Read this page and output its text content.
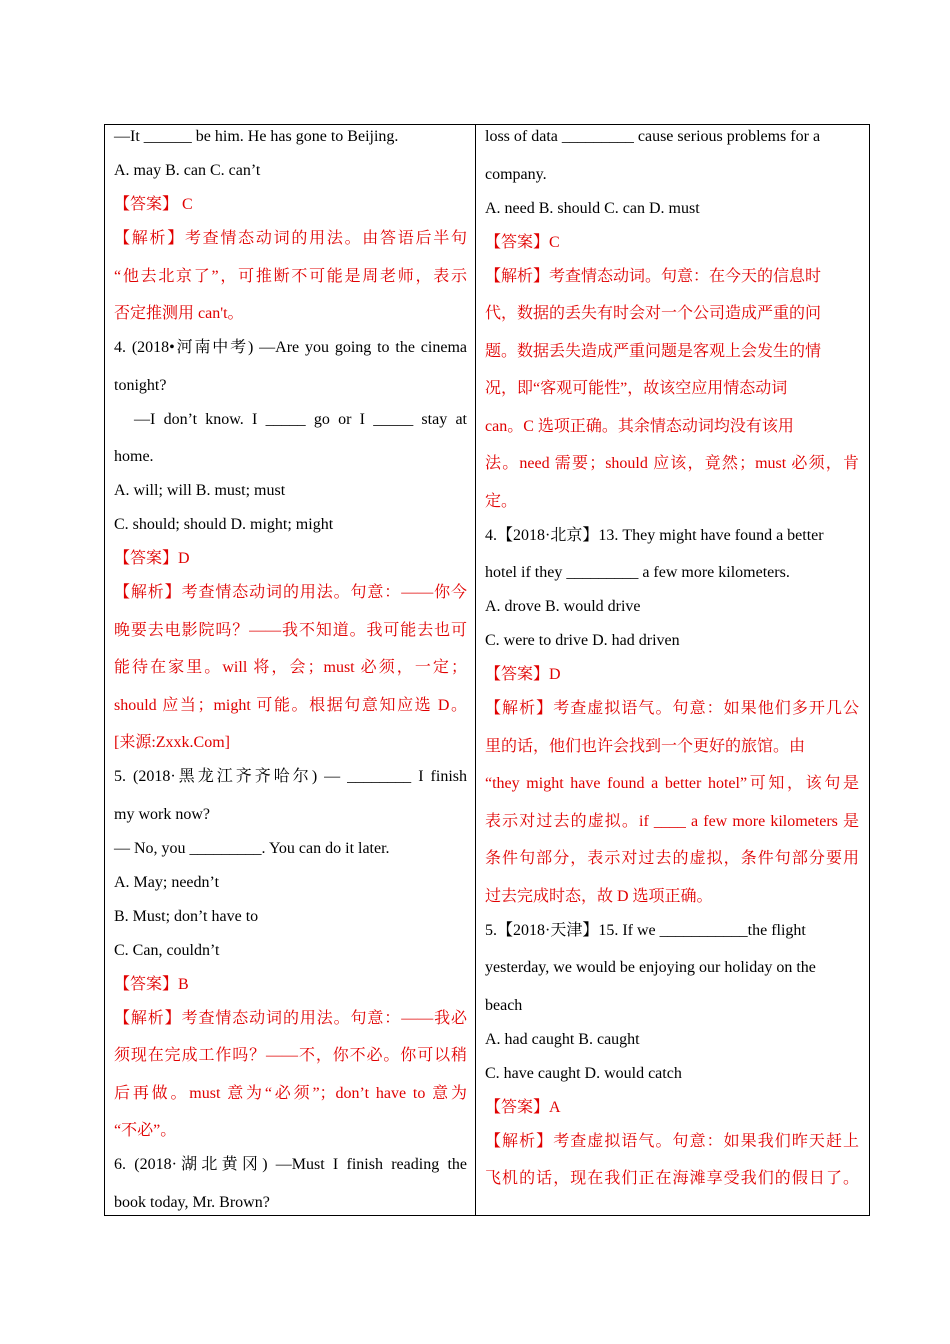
—It ______ be him. He has gone to Beijing.
A. may B. can C. can’t
【答案】 C
【解析】考查情态动词的用法。由答语后半句
“他去北京了”，可推断不可能是周老师，表示
否定推测用 can't。
4. (2018•河南中考) —Are you going to the cinema
tonight?
—I don’t know. I _____ go or I _____ stay at
home.
A. will; will B. must; must
C. should; should D. might; might
【答案】D
【解析】考查情态动词的用法。句意：——你今
晚要去电影院吗？——我不知道。我可能去也可
能待在家里。will 将，会；must 必须，一定；
should 应当；might 可能。根据句意知应选 D。
[来源:Zxxk.Com]
5. (2018·黑龙江齐齐哈尔) — ________ I finish
my work now?
— No, you _________. You can do it later.
A. May; needn’t
B. Must; don’t have to
C. Can, couldn’t
【答案】B
【解析】考查情态动词的用法。句意：——我必
须现在完成工作吗？——不，你不必。你可以稍
后再做。must 意为“必须”；don’t have to 意为
“不必”。
6. (2018·湖北黄冈) —Must I finish reading the
book today, Mr. Brown?
loss of data _________ cause serious problems for a
company.
A. need B. should C. can D. must
【答案】C
【解析】考查情态动词。句意：在今天的信息时
代，数据的丢失有时会对一个公司造成严重的问
题。数据丢失造成严重问题是客观上会发生的情
况，即“客观可能性”，故该空应用情态动词
can。C 选项正确。其余情态动词均没有该用
法。need 需要；should 应该，竟然；must 必须，肯
定。
4.【2018·北京】13. They might have found a better
hotel if they _________ a few more kilometers.
A. drove B. would drive
C. were to drive D. had driven
【答案】D
【解析】考查虚拟语气。句意：如果他们多开几公
里的话，他们也许会找到一个更好的旅馆。由
“they might have found a better hotel”可知，该句是
表示对过去的虚拟。if ____ a few more kilometers 是
条件句部分，表示对过去的虚拟，条件句部分要用
过去完成时态，故 D 选项正确。
5.【2018·天津】15. If we ___________the flight
yesterday, we would be enjoying our holiday on the
beach
A. had caught B. caught
C. have caught D. would catch
【答案】A
【解析】考查虚拟语气。句意：如果我们昨天赶上
飞机的话，现在我们正在海滩享受我们的假日了。
